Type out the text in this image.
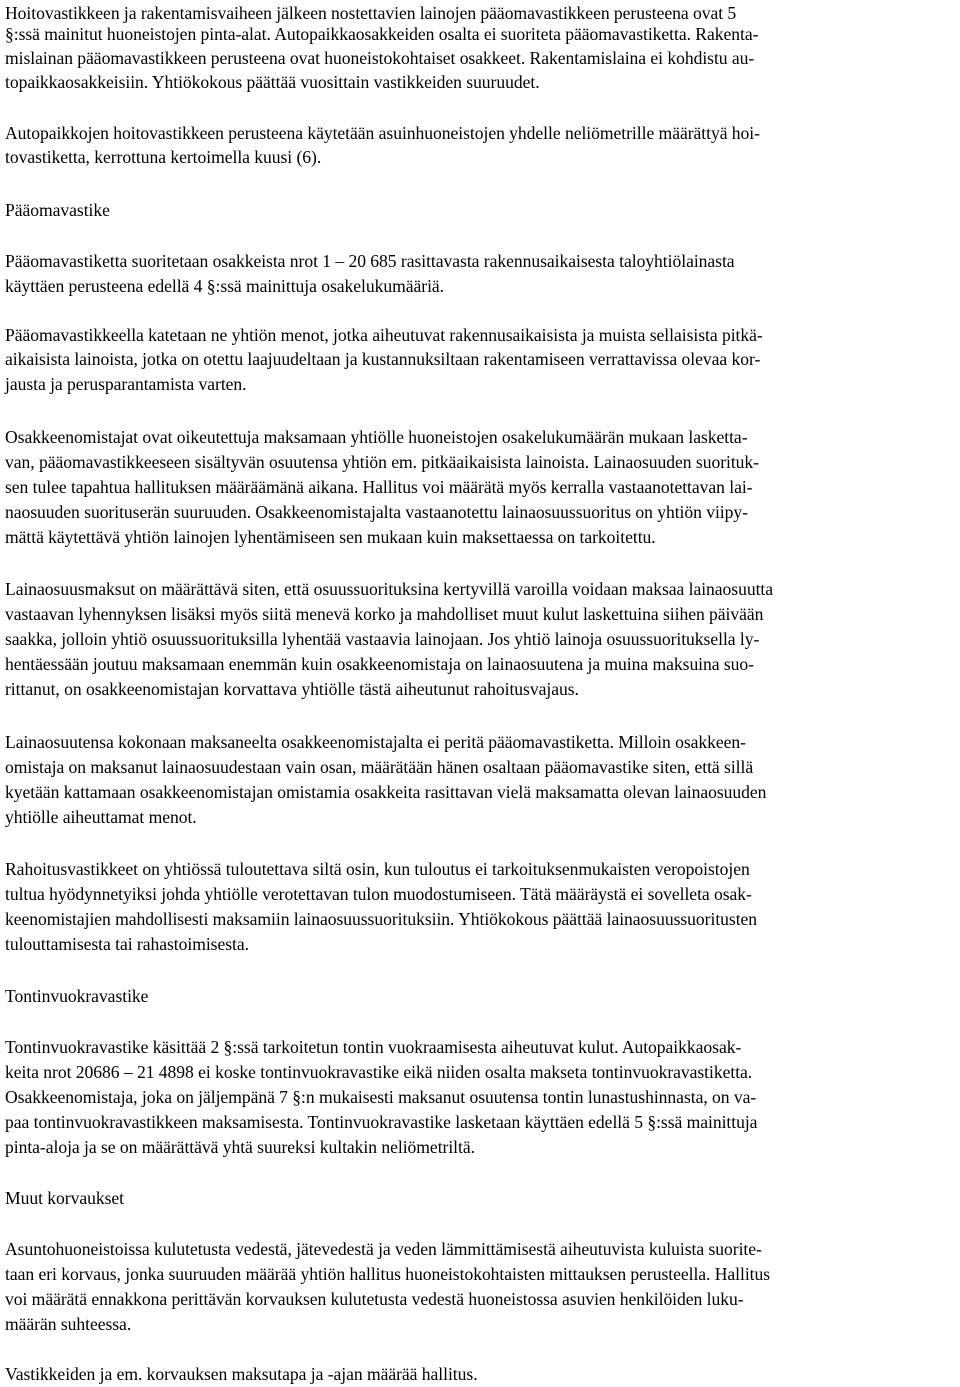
Hoitovastikkeen ja rakentamisvaiheen jälkeen nostettavien lainojen pääomavastikkeen perusteena ovat 5

§:ssä mainitut huoneistojen pinta-alat. Autopaikkaosakkeiden osalta ei suoriteta pääomavastiketta. Rakenta-

mislainan pääomavastikkeen perusteena ovat huoneistokohtaiset osakkeet. Rakentamislaina ei kohdistu au-

topaikkaosakkeisiin. Yhtiökokous päättää vuosittain vastikkeiden suuruudet.

Autopaikkojen hoitovastikkeen perusteena käytetään asuinhuoneistojen yhdelle neliömetrille määrättyä hoi-

tovastiketta, kerrottuna kertoimella kuusi (6).

Pääomavastike

Pääomavastiketta suoritetaan osakkeista nrot 1 – 20 685 rasittavasta rakennusaikaisesta taloyhtiölainasta

käyttäen perusteena edellä 4 §:ssä mainittuja osakelukumääriä.

Pääomavastikkeella katetaan ne yhtiön menot, jotka aiheutuvat rakennusaikaisista ja muista sellaisista pitkä-

aikaisista lainoista, jotka on otettu laajuudeltaan ja kustannuksiltaan rakentamiseen verrattavissa olevaa kor-

jausta ja perusparantamista varten.

Osakkeenomistajat ovat oikeutettuja maksamaan yhtiölle huoneistojen osakelukumäärän mukaan laskettа-

van, pääomavastikkeeseen sisältyvän osuutensa yhtiön em. pitkäaikaisista lainoista. Lainaosuuden suorituk-

sen tulee tapahtua hallituksen määräämänä aikana. Hallitus voi määrätä myös kerralla vastaanotettavan lai-

naosuuden suorituserän suuruuden. Osakkeenomistajalta vastaanotettu lainaosuussuoritus on yhtiön viipy-

mättä käytettävä yhtiön lainojen lyhentämiseen sen mukaan kuin maksettaessa on tarkoitettu.

Lainaosuusmaksut on määrättävä siten, että osuussuorituksina kertyvillä varoilla voidaan maksaa lainaosuutta

vastaavan lyhennyksen lisäksi myös siitä menevä korko ja mahdolliset muut kulut laskettuina siihen päivään

saakka, jolloin yhtiö osuussuorituksilla lyhentää vastaavia lainojaan. Jos yhtiö lainoja osuussuorituksella ly-

hentäessään joutuu maksamaan enemmän kuin osakkeenomistaja on lainaosuutena ja muina maksuina suo-

rittanut, on osakkeenomistajan korvattava yhtiölle tästä aiheutunut rahoitusvajaus.

Lainaosuutensa kokonaan maksaneelta osakkeenomistajalta ei peritä pääomavastiketta. Milloin osakkeen-

omistaja on maksanut lainaosuudestaan vain osan, määrätään hänen osaltaan pääomavastike siten, että sillä

kyetään kattamaan osakkeenomistajan omistamia osakkeita rasittavan vielä maksamatta olevan lainaosuuden

yhtiölle aiheuttamat menot.

Rahoitusvastikkeet on yhtiössä tuloutettava siltä osin, kun tuloutus ei tarkoituksenmukaisten veropoistojen

tultua hyödynnetyiksi johda yhtiölle verotettavan tulon muodostumiseen. Tätä määräystä ei sovelleta osak-

keenomistajien mahdollisesti maksamiin lainaosuussuorituksiin. Yhtiökokous päättää lainaosuussuoritusten

tulouttamisesta tai rahastoimisesta.

Tontinvuokravastike

Tontinvuokravastike käsittää 2 §:ssä tarkoitetun tontin vuokraamisesta aiheutuvat kulut. Autopaikkaosak-

keita nrot 20686 – 21 4898 ei koske tontinvuokravastike eikä niiden osalta makseta tontinvuokravastiketta.

Osakkeenomistaja, joka on jäljempänä 7 §:n mukaisesti maksanut osuutensa tontin lunastushinnasta, on va-

paa tontinvuokravastikkeen maksamisesta. Tontinvuokravastike lasketaan käyttäen edellä 5 §:ssä mainittuja

pinta-aloja ja se on määrättävä yhtä suureksi kultakin neliömetriltä.

Muut korvaukset

Asuntohuoneistoissa kulutetusta vedestä, jätevedestä ja veden lämmittämisestä aiheutuvista kuluista suorite-

taan eri korvaus, jonka suuruuden määrää yhtiön hallitus huoneistokohtaisten mittauksen perusteella. Hallitus

voi määrätä ennakkona perittävän korvauksen kulutetusta vedestä huoneistossa asuvien henkilöiden luku-

määrän suhteessa.

Vastikkeiden ja em. korvauksen maksutapa ja -ajan määrää hallitus.
